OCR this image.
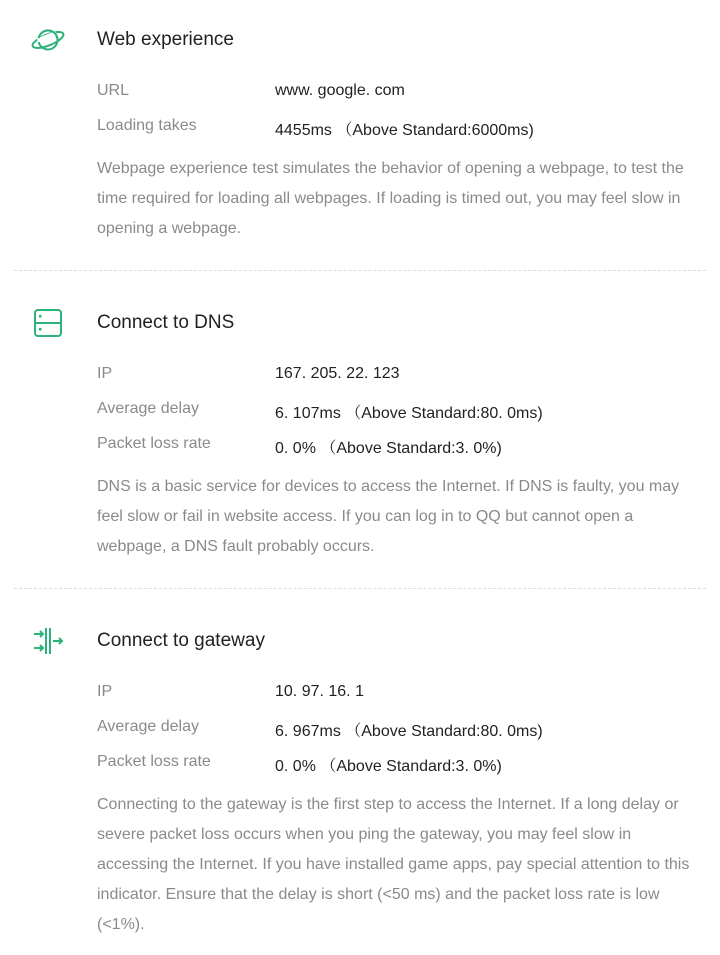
Web experience
URL	www. google. com
Loading takes	4455ms （Above Standard:6000ms)
Webpage experience test simulates the behavior of opening a webpage, to test the time required for loading all webpages. If loading is timed out, you may feel slow in opening a webpage.
Connect to DNS
IP	167. 205. 22. 123
Average delay	6. 107ms （Above Standard:80. 0ms)
Packet loss rate	0. 0% （Above Standard:3. 0%)
DNS is a basic service for devices to access the Internet. If DNS is faulty, you may feel slow or fail in website access. If you can log in to QQ but cannot open a webpage, a DNS fault probably occurs.
Connect to gateway
IP	10. 97. 16. 1
Average delay	6. 967ms （Above Standard:80. 0ms)
Packet loss rate	0. 0% （Above Standard:3. 0%)
Connecting to the gateway is the first step to access the Internet. If a long delay or severe packet loss occurs when you ping the gateway, you may feel slow in accessing the Internet. If you have installed game apps, pay special attention to this indicator. Ensure that the delay is short (<50 ms) and the packet loss rate is low (<1%).
